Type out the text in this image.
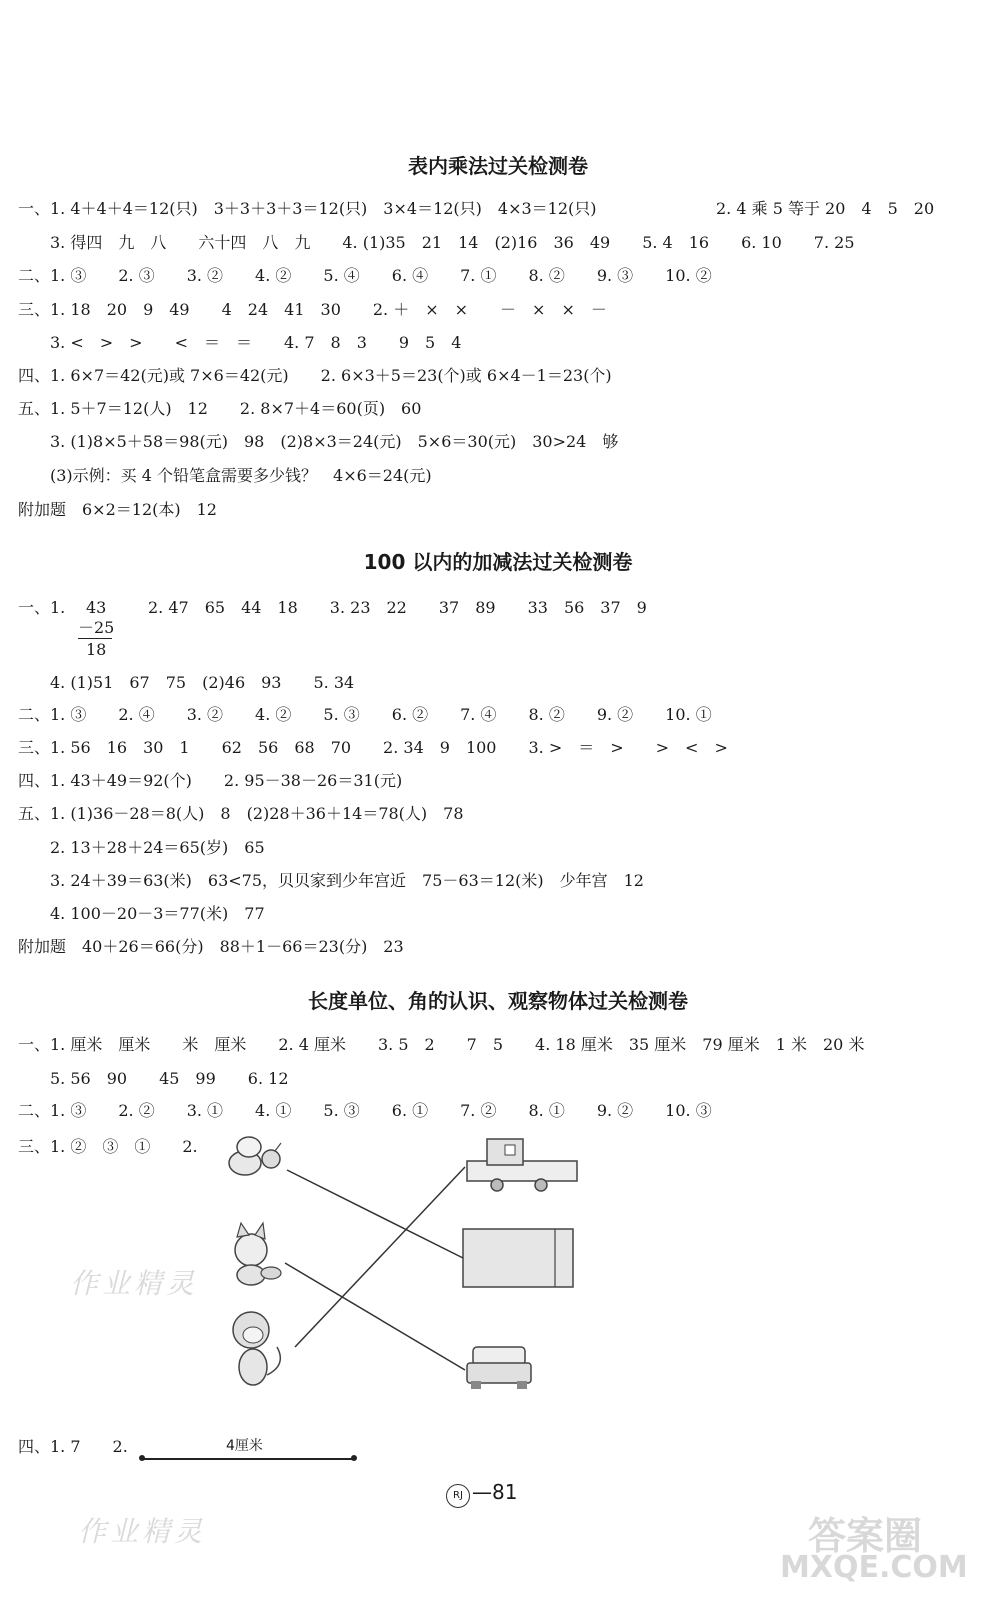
表内乘法过关检测卷
一、1. 4＋4＋4＝12(只)　3＋3＋3＋3＝12(只)　3×4＝12(只)　4×3＝12(只)	2. 4 乘 5 等于 20　4　5　20
3. 得四　九　八　　六十四　八　九　　4. (1)35　21　14　(2)16　36　49　　5. 4　16　　6. 10　　7. 25
二、1. ③　　2. ③　　3. ②　　4. ②　　5. ④　　6. ④　　7. ①　　8. ②　　9. ③　　10. ②
三、1. 18　20　9　49　　4　24　41　30　　2. ＋　×　×　　－　×　×　－
3. <　>　>　　<　＝　＝　　4. 7　8　3　　9　5　4
四、1. 6×7＝42(元)或 7×6＝42(元)　　2. 6×3＋5＝23(个)或 6×4－1＝23(个)
五、1. 5＋7＝12(人)　12　　2. 8×7＋4＝60(页)　60
3. (1)8×5＋58＝98(元)　98　(2)8×3＝24(元)　5×6＝30(元)　30>24　够
(3)示例：买 4 个铅笔盒需要多少钱？　4×6＝24(元)
附加题　6×2＝12(本)　12
100 以内的加减法过关检测卷
一、1. 43
－25
18
2. 47　65　44　18　　3. 23　22　　37　89　　33　56　37　9
4. (1)51　67　75　(2)46　93　　5. 34
二、1. ③　　2. ④　　3. ②　　4. ②　　5. ③　　6. ②　　7. ④　　8. ②　　9. ②　　10. ①
三、1. 56　16　30　1　　62　56　68　70　　2. 34　9　100　　3. >　＝　>　　>　<　>
四、1. 43＋49＝92(个)　　2. 95－38－26＝31(元)
五、1. (1)36－28＝8(人)　8　(2)28＋36＋14＝78(人)　78
2. 13＋28＋24＝65(岁)　65
3. 24＋39＝63(米)　63<75，贝贝家到少年宫近　75－63＝12(米)　少年宫　12
4. 100－20－3＝77(米)　77
附加题　40＋26＝66(分)　88＋1－66＝23(分)　23
长度单位、角的认识、观察物体过关检测卷
一、1. 厘米　厘米　　米　厘米　　2. 4 厘米　　3. 5　2　　7　5　　4. 18 厘米　35 厘米　79 厘米　1 米　20 米
5. 56　90　　45　99　　6. 12
二、1. ③　　2. ②　　3. ①　　4. ①　　5. ③　　6. ①　　7. ②　　8. ①　　9. ②　　10. ③
三、1. ②　③　①　　2.
四、1. 7　　2.	4厘米
RJ —81
作业精灵
作业精灵	答案圈
MXQE.COM
